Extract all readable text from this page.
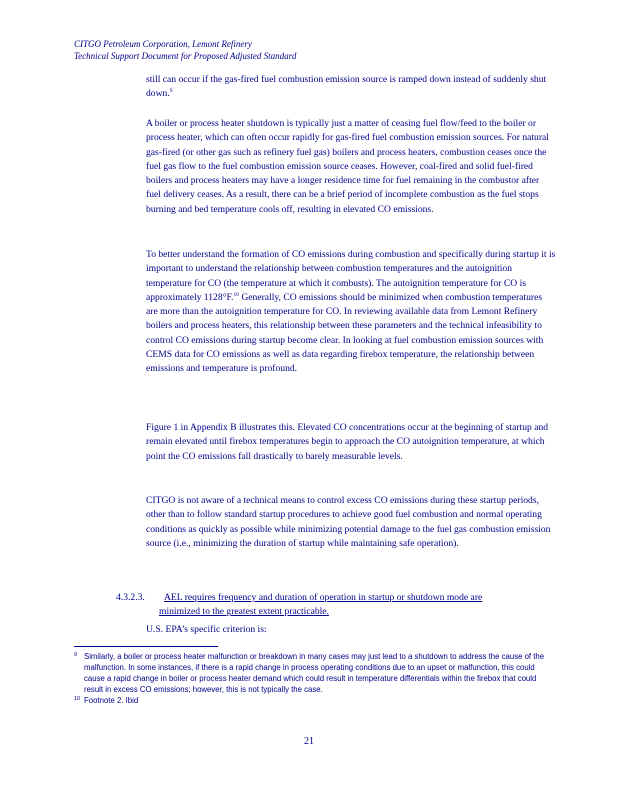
CITGO Petroleum Corporation, Lemont Refinery
Technical Support Document for Proposed Adjusted Standard
still can occur if the gas-fired fuel combustion emission source is ramped down instead of suddenly shut down.$^9$
A boiler or process heater shutdown is typically just a matter of ceasing fuel flow/feed to the boiler or process heater, which can often occur rapidly for gas-fired fuel combustion emission sources. For natural gas-fired (or other gas such as refinery fuel gas) boilers and process heaters, combustion ceases once the fuel gas flow to the fuel combustion emission source ceases. However, coal-fired and solid fuel-fired boilers and process heaters may have a longer residence time for fuel remaining in the combustor after fuel delivery ceases. As a result, there can be a brief period of incomplete combustion as the fuel stops burning and bed temperature cools off, resulting in elevated CO emissions.
To better understand the formation of CO emissions during combustion and specifically during startup it is important to understand the relationship between combustion temperatures and the autoignition temperature for CO (the temperature at which it combusts). The autoignition temperature for CO is approximately 1128°F.$^{10}$ Generally, CO emissions should be minimized when combustion temperatures are more than the autoignition temperature for CO. In reviewing available data from Lemont Refinery boilers and process heaters, this relationship between these parameters and the technical infeasibility to control CO emissions during startup become clear. In looking at fuel combustion emission sources with CEMS data for CO emissions as well as data regarding firebox temperature, the relationship between emissions and temperature is profound.
Figure 1 in Appendix B illustrates this. Elevated CO concentrations occur at the beginning of startup and remain elevated until firebox temperatures begin to approach the CO autoignition temperature, at which point the CO emissions fall drastically to barely measurable levels.
CITGO is not aware of a technical means to control excess CO emissions during these startup periods, other than to follow standard startup procedures to achieve good fuel combustion and normal operating conditions as quickly as possible while minimizing potential damage to the fuel gas combustion emission source (i.e., minimizing the duration of startup while maintaining safe operation).
4.3.2.3. AEL requires frequency and duration of operation in startup or shutdown mode are
minimized to the greatest extent practicable.
U.S. EPA’s specific criterion is:
9 Similarly, a boiler or process heater malfunction or breakdown in many cases may just lead to a shutdown to address the cause of the malfunction. In some instances, if there is a rapid change in process operating conditions due to an upset or malfunction, this could cause a rapid change in boiler or process heater demand which could result in temperature differentials within the firebox that could result in excess CO emissions; however, this is not typically the case.
10 Footnote 2. Ibid
21
